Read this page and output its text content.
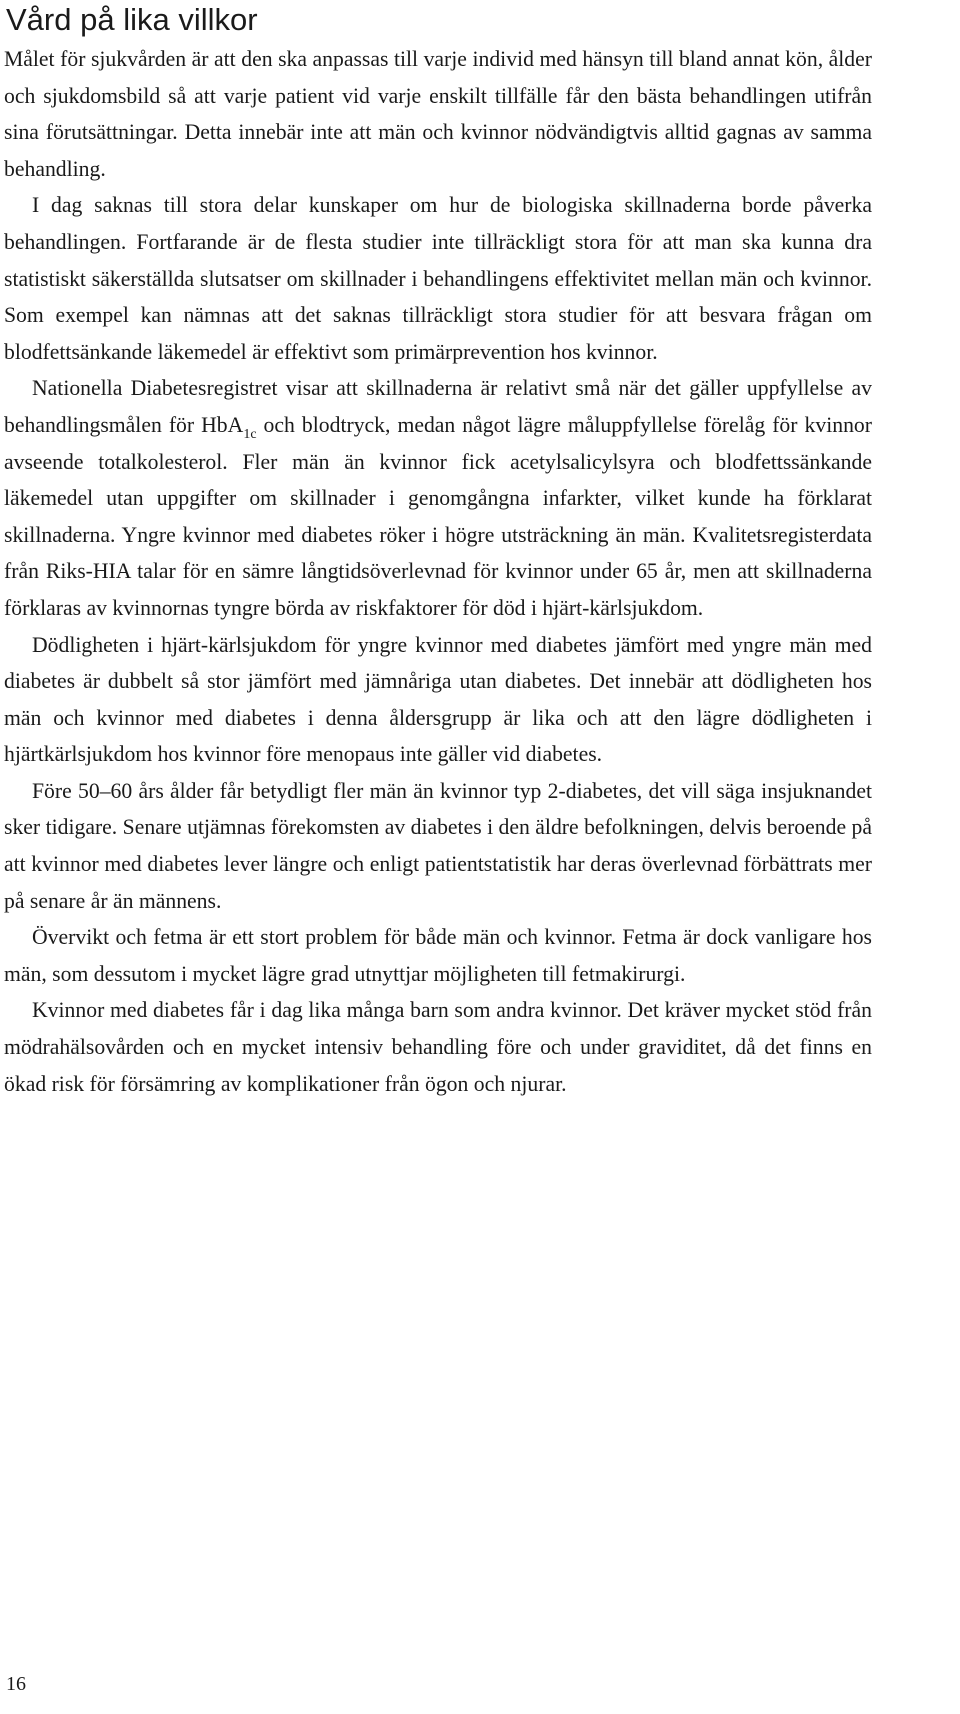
Vård på lika villkor

Målet för sjukvården är att den ska anpassas till varje individ med hänsyn till bland annat kön, ålder och sjukdomsbild så att varje patient vid varje enskilt tillfälle får den bästa behandlingen utifrån sina förutsättningar. Detta innebär inte att män och kvinnor nödvändigtvis alltid gagnas av samma behandling.

I dag saknas till stora delar kunskaper om hur de biologiska skillnaderna borde påverka behandlingen. Fortfarande är de flesta studier inte tillräckligt stora för att man ska kunna dra statistiskt säkerställda slutsatser om skillnader i behandlingens effektivitet mellan män och kvinnor. Som exempel kan nämnas att det saknas tillräckligt stora studier för att besvara frågan om blodfettsänkande läkemedel är effektivt som primärprevention hos kvinnor.

Nationella Diabetesregistret visar att skillnaderna är relativt små när det gäller uppfyllelse av behandlingsmålen för HbA$_{1c}$ och blodtryck, medan något lägre måluppfyllelse förelåg för kvinnor avseende totalkolesterol. Fler män än kvinnor fick acetylsalicylsyra och blodfettssänkande läkemedel utan uppgifter om skillnader i genomgångna infarkter, vilket kunde ha förklarat skillnaderna. Yngre kvinnor med diabetes röker i högre utsträckning än män. Kvalitetsregisterdata från Riks-HIA talar för en sämre långtidsöverlevnad för kvinnor under 65 år, men att skillnaderna förklaras av kvinnornas tyngre börda av riskfaktorer för död i hjärt-kärlsjukdom.

Dödligheten i hjärt-kärlsjukdom för yngre kvinnor med diabetes jämfört med yngre män med diabetes är dubbelt så stor jämfört med jämnåriga utan diabetes. Det innebär att dödligheten hos män och kvinnor med diabetes i denna åldersgrupp är lika och att den lägre dödligheten i hjärtkärlsjukdom hos kvinnor före menopaus inte gäller vid diabetes.

Före 50–60 års ålder får betydligt fler män än kvinnor typ 2-diabetes, det vill säga insjuknandet sker tidigare. Senare utjämnas förekomsten av diabetes i den äldre befolkningen, delvis beroende på att kvinnor med diabetes lever längre och enligt patientstatistik har deras överlevnad förbättrats mer på senare år än männens.

Övervikt och fetma är ett stort problem för både män och kvinnor. Fetma är dock vanligare hos män, som dessutom i mycket lägre grad utnyttjar möjligheten till fetmakirurgi.

Kvinnor med diabetes får i dag lika många barn som andra kvinnor. Det kräver mycket stöd från mödrahälsovården och en mycket intensiv behandling före och under graviditet, då det finns en ökad risk för försämring av komplikationer från ögon och njurar.

16
